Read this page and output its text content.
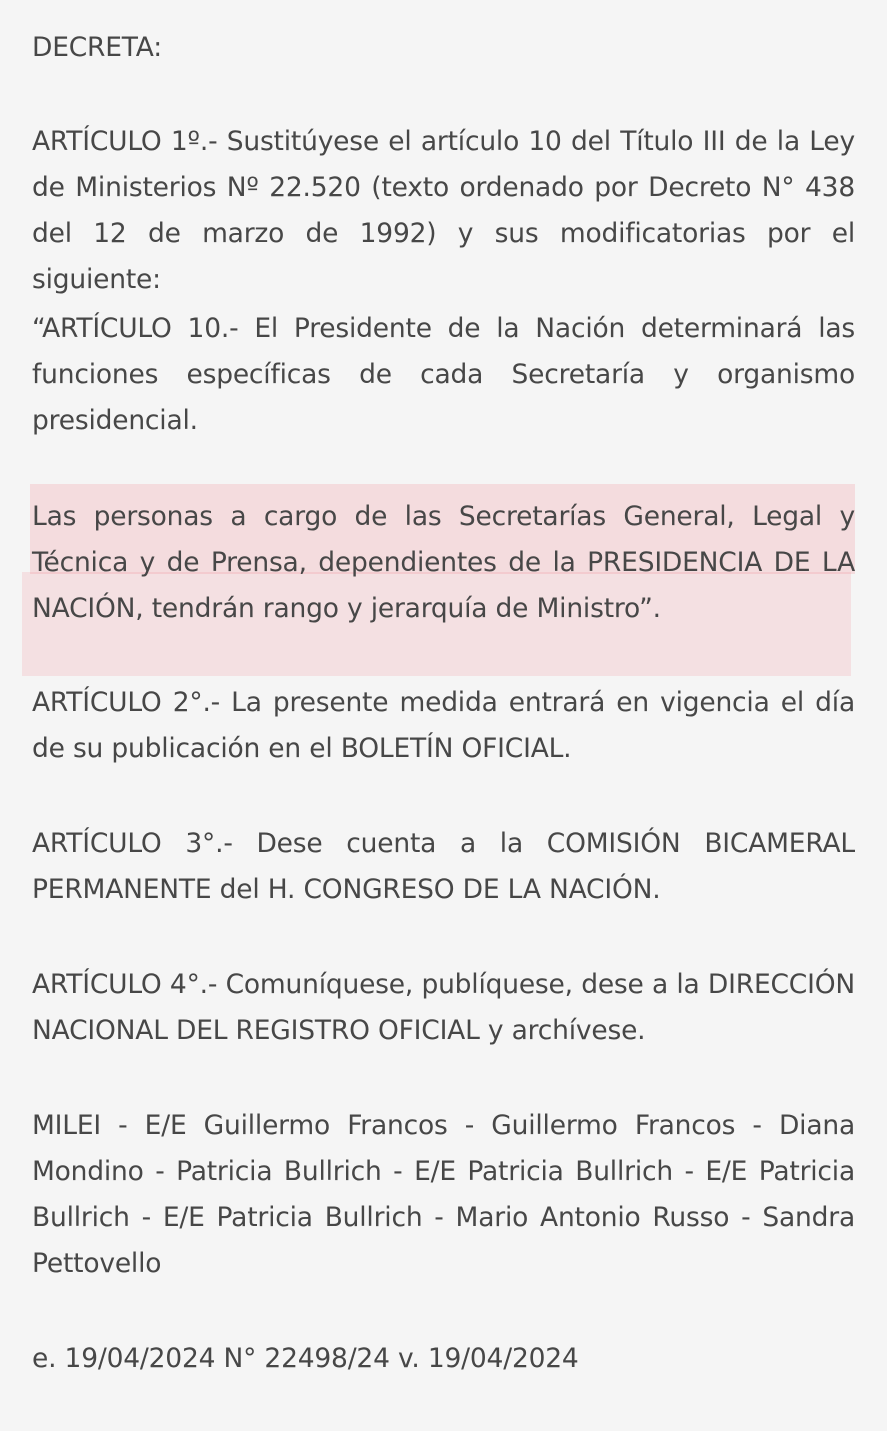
DECRETA:

ARTÍCULO 1º.- Sustitúyese el artículo 10 del Título III de la Ley de Ministerios Nº 22.520 (texto ordenado por Decreto N° 438 del 12 de marzo de 1992) y sus modificatorias por el siguiente:

“ARTÍCULO 10.- El Presidente de la Nación determinará las funciones específicas de cada Secretaría y organismo presidencial.

Las personas a cargo de las Secretarías General, Legal y Técnica y de Prensa, dependientes de la PRESIDENCIA DE LA NACIÓN, tendrán rango y jerarquía de Ministro”.

ARTÍCULO 2°.- La presente medida entrará en vigencia el día de su publicación en el BOLETÍN OFICIAL.

ARTÍCULO 3°.- Dese cuenta a la COMISIÓN BICAMERAL PERMANENTE del H. CONGRESO DE LA NACIÓN.

ARTÍCULO 4°.- Comuníquese, publíquese, dese a la DIRECCIÓN NACIONAL DEL REGISTRO OFICIAL y archívese.

MILEI - E/E Guillermo Francos - Guillermo Francos - Diana Mondino - Patricia Bullrich - E/E Patricia Bullrich - E/E Patricia Bullrich - E/E Patricia Bullrich - Mario Antonio Russo - Sandra Pettovello

e. 19/04/2024 N° 22498/24 v. 19/04/2024
